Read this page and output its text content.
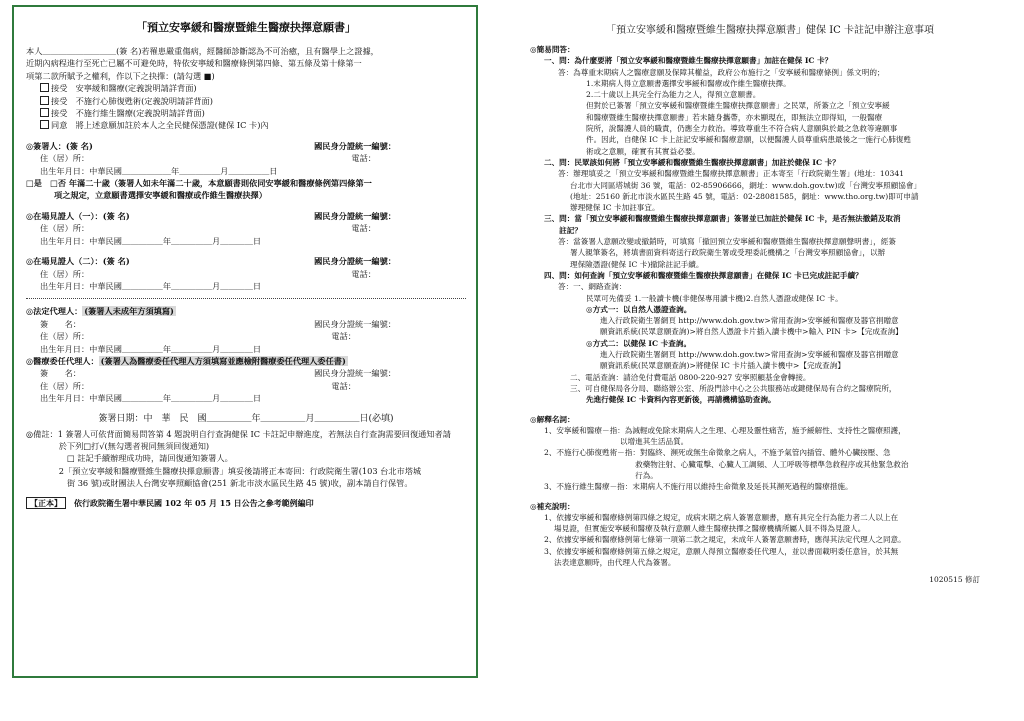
「預立安寧緩和醫療暨維生醫療抉擇意願書」
本人＿＿＿＿＿＿＿＿＿(簽 名)若罹患嚴重傷病，經醫師診斷認為不可治癒，且有醫學上之證據，
近期內病程進行至死亡已屬不可避免時，特依安寧緩和醫療條例第四條、第五條及第十條第一
項第二款所賦予之權利，作以下之抉擇：(請勾選 ■)
接受　安寧緩和醫療(定義說明請詳背面)
接受　不施行心肺復甦術(定義說明請詳背面)
接受　不施行維生醫療(定義說明請詳背面)
同意　將上述意願加註於本人之全民健保憑證(健保 IC 卡)內
◎簽署人：(簽 名)	國民身分證統一編號：
住（居）所：	電話：
出生年月日：中華民國＿＿＿＿＿＿年＿＿＿＿＿月＿＿＿＿＿日
□是　□否 年滿二十歲（簽署人如未年滿二十歲，本意願書則依同安寧緩和醫療條例第四條第一
項之規定，立意願書選擇安寧緩和醫療或作維生醫療抉擇）
◎在場見證人（一）：(簽 名)	國民身分證統一編號：
住（居）所：	電話：
出生年月日：中華民國＿＿＿＿＿年＿＿＿＿＿月＿＿＿＿日
◎在場見證人（二）：(簽 名)	國民身分證統一編號：
住（居）所：	電話：
出生年月日：中華民國＿＿＿＿＿年＿＿＿＿＿月＿＿＿＿日
◎法定代理人： (簽署人未成年方須填寫)
簽　　名：	國民身分證統一編號：
住（居）所：	電話：
出生年月日：中華民國＿＿＿＿＿年＿＿＿＿＿月＿＿＿＿日
◎醫療委任代理人： (簽署人為醫療委任代理人方須填寫並應檢附醫療委任代理人委任書)
簽　　名：	國民身分證統一編號：
住（居）所：	電話：
出生年月日：中華民國＿＿＿＿＿年＿＿＿＿＿月＿＿＿＿日
簽署日期：中　華　民　國＿＿＿＿＿年＿＿＿＿＿月＿＿＿＿＿日(必填)
◎備註：1 簽署人可依背面簡易問答第 4 題說明自行查詢健保 IC 卡註記申辦進度，若無法自行查詢需要回復通知者請
　　　　於下列□打√(無勾選者視同無須回復通知)
　　　　　□ 註記手續辦理成功時，請回復通知簽署人。
　　　　2「預立安寧緩和醫療暨維生醫療抉擇意願書」填妥後請將正本寄回：行政院衛生署(103 台北市塔城
　　　　　街 36 號)或財團法人台灣安寧照顧協會(251 新北市淡水區民生路 45 號)收，副本請自行保管。
【正本】 依行政院衛生署中華民國 102 年 05 月 15 日公告之參考範例編印
「預立安寧緩和醫療暨維生醫療抉擇意願書」健保 IC 卡註記申辦注意事項
◎簡易問答：
一、問：為什麼要將「預立安寧緩和醫療暨維生醫療抉擇意願書」加註在健保 IC 卡？
答：為尊重末期病人之醫療意願及保障其權益，政府公布施行之「安寧緩和醫療條例」係文明的；
1.末期病人得立意願書選擇安寧緩和醫療或作維生醫療抉擇。
2.二十歲以上具完全行為能力之人，得預立意願書。
但對於已簽署「預立安寧緩和醫療暨維生醫療抉擇意願書」之民眾，所簽立之「預立安寧緩
和醫療暨維生醫療抉擇意願書」若未隨身攜帶，亦未顯現在，即無法立即得知，一般醫療
院所，說醫護人員的職責，仍應全力救治。導致尊重生不符合病人意願與於最之急救等違願事
件。因此，自健保 IC 卡上註記安寧緩和醫療意願，以便醫護人員尊重病患最後之一施行心肺復甦
術或之意願，確實有其實益必要。
二、問：民眾該如何將「預立安寧緩和醫療暨維生醫療抉擇意願書」加註於健保 IC 卡？
答：辦理填妥之「預立安寧緩和醫療暨維生醫療抉擇意願書」正本寄至「行政院衛生署」(地址：10341
台北市大同區塔城街 36 號，電話：02-85906666，網址：www.doh.gov.tw)或「台灣安寧照顧協會」
(地址：25160 新北市淡水區民生路 45 號，電話：02-28081585，網址：www.tho.org.tw)即可申請
辦理健保 IC 卡加註事宜。
三、問：當「預立安寧緩和醫療暨維生醫療抉擇意願書」簽署並已加註於健保 IC 卡，是否無法撤銷及取消
　　註記？
答：當簽署人意願改變或撤銷時，可填寫「撤回預立安寧緩和醫療暨維生醫療抉擇意願聲明書」，經簽
署人親筆簽名，將填書面資料寄送行政院衛生署或受理委託機構之「台灣安寧照顧協會」，以辦
理保險憑證(健保 IC 卡)撤除註記手續。
四、問：如何查詢「預立安寧緩和醫療暨維生醫療抉擇意願書」在健保 IC 卡已完成註記手續？
答：一、網路查詢：
民眾可先備妥 1.一般讀卡機(非健保專用讀卡機)2.自然人憑證或健保 IC 卡。
◎方式一：以自然人憑證查詢。
進入行政院衛生署網頁 http://www.doh.gov.tw>常用查詢>安寧緩和醫療及器官捐贈意
願資訊系統(民眾意願查詢)>將自然人憑證卡片插入讀卡機中>輸入 PIN 卡>【完成查詢】
◎方式二：以健保 IC 卡查詢。
進入行政院衛生署網頁 http://www.doh.gov.tw>常用查詢>安寧緩和醫療及器官捐贈意
願資訊系統(民眾意願查詢)>將健保 IC 卡片插入讀卡機中>【完成查詢】
二、電話查詢：請洽免付費電話 0800-220-927 安寧照顧基金會轉接。
三、可自健保局各分局、聯絡辦公室、所設門診中心之公共服務站或鍵健保局有合約之醫療院所，
先進行健保 IC 卡資料內容更新後，再請機構協助查詢。
◎解釋名詞：
1、安寧緩和醫療－指：為減輕或免除末期病人之生理、心理及靈性痛苦，施予緩解性、支持性之醫療照護，
　　　　　　　　　　以增進其生活品質。
2、不施行心肺復甦術－指：對臨終、瀕死或無生命徵象之病人，不施予氣管內插管、體外心臟按壓、急
　　　　　　　　　　　　救藥物注射、心臟電擊、心臟人工調頻、人工呼吸等標準急救程序或其他緊急救治
　　　　　　　　　　　　行為。
3、不施行維生醫療－指：末期病人不施行用以維持生命徵象及延長其瀕死過程的醫療措施。
◎補充說明：
1、依據安寧緩和醫療條例第四條之規定，成病末期之病人簽署意願書，應有具完全行為能力者二人以上在
　 場見證，但實施安寧緩和醫療及執行意願人維生醫療抉擇之醫療機構所屬人員不得為見證人。
2、依據安寧緩和醫療條例第七條第一項第二款之規定，未成年人簽署意願書時，應得其法定代理人之同意。
3、依據安寧緩和醫療條例第五條之規定，意願人得預立醫療委任代理人，並以書面載明委任意旨，於其無
　 法表達意願時，由代理人代為簽署。
1020515 修訂
